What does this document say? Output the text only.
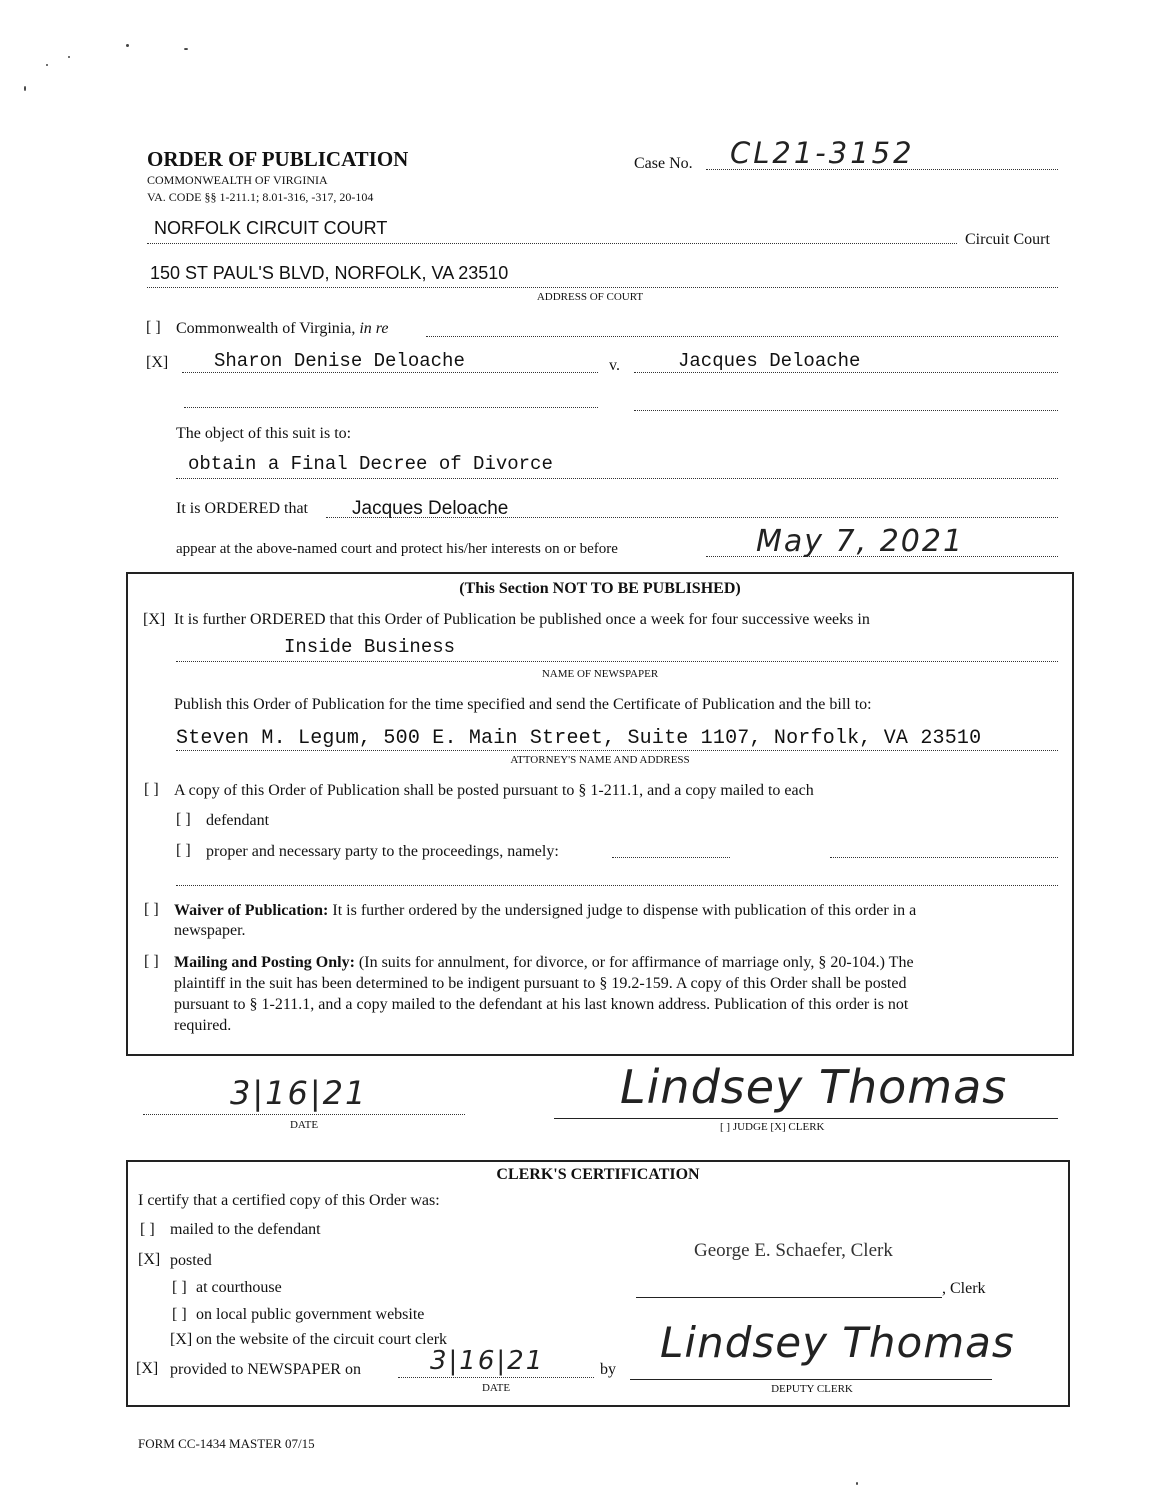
ORDER OF PUBLICATION
COMMONWEALTH OF VIRGINIA
VA. CODE §§ 1-211.1; 8.01-316, -317, 20-104
Case No. CL21-3152
NORFOLK CIRCUIT COURT
Circuit Court
150 ST PAUL'S BLVD, NORFOLK, VA 23510
ADDRESS OF COURT
[ ] Commonwealth of Virginia, in re
[X] Sharon Denise Deloache	v.	Jacques Deloache
The object of this suit is to:
obtain a Final Decree of Divorce
It is ORDERED that Jacques Deloache
appear at the above-named court and protect his/her interests on or before	May 7, 2021
(This Section NOT TO BE PUBLISHED)
[X] It is further ORDERED that this Order of Publication be published once a week for four successive weeks in
Inside Business
NAME OF NEWSPAPER
Publish this Order of Publication for the time specified and send the Certificate of Publication and the bill to:
Steven M. Legum, 500 E. Main Street, Suite 1107, Norfolk, VA 23510
ATTORNEY'S NAME AND ADDRESS
[ ] A copy of this Order of Publication shall be posted pursuant to § 1-211.1, and a copy mailed to each
[ ] defendant
[ ] proper and necessary party to the proceedings, namely:
[ ] Waiver of Publication: It is further ordered by the undersigned judge to dispense with publication of this order in a
newspaper.
[ ] Mailing and Posting Only: (In suits for annulment, for divorce, or for affirmance of marriage only, § 20-104.) The
plaintiff in the suit has been determined to be indigent pursuant to § 19.2-159. A copy of this Order shall be posted
pursuant to § 1-211.1, and a copy mailed to the defendant at his last known address. Publication of this order is not
required.
3|16|21
DATE
Lindsey Thomas
[ ] JUDGE [X] CLERK
CLERK'S CERTIFICATION
I certify that a certified copy of this Order was:
[ ] mailed to the defendant
[X] posted
[ ] at courthouse
[ ] on local public government website
[X] on the website of the circuit court clerk
[X] provided to NEWSPAPER on	3|16|21
DATE
by
George E. Schaefer, Clerk
, Clerk
Lindsey Thomas
DEPUTY CLERK
FORM CC-1434 MASTER 07/15
